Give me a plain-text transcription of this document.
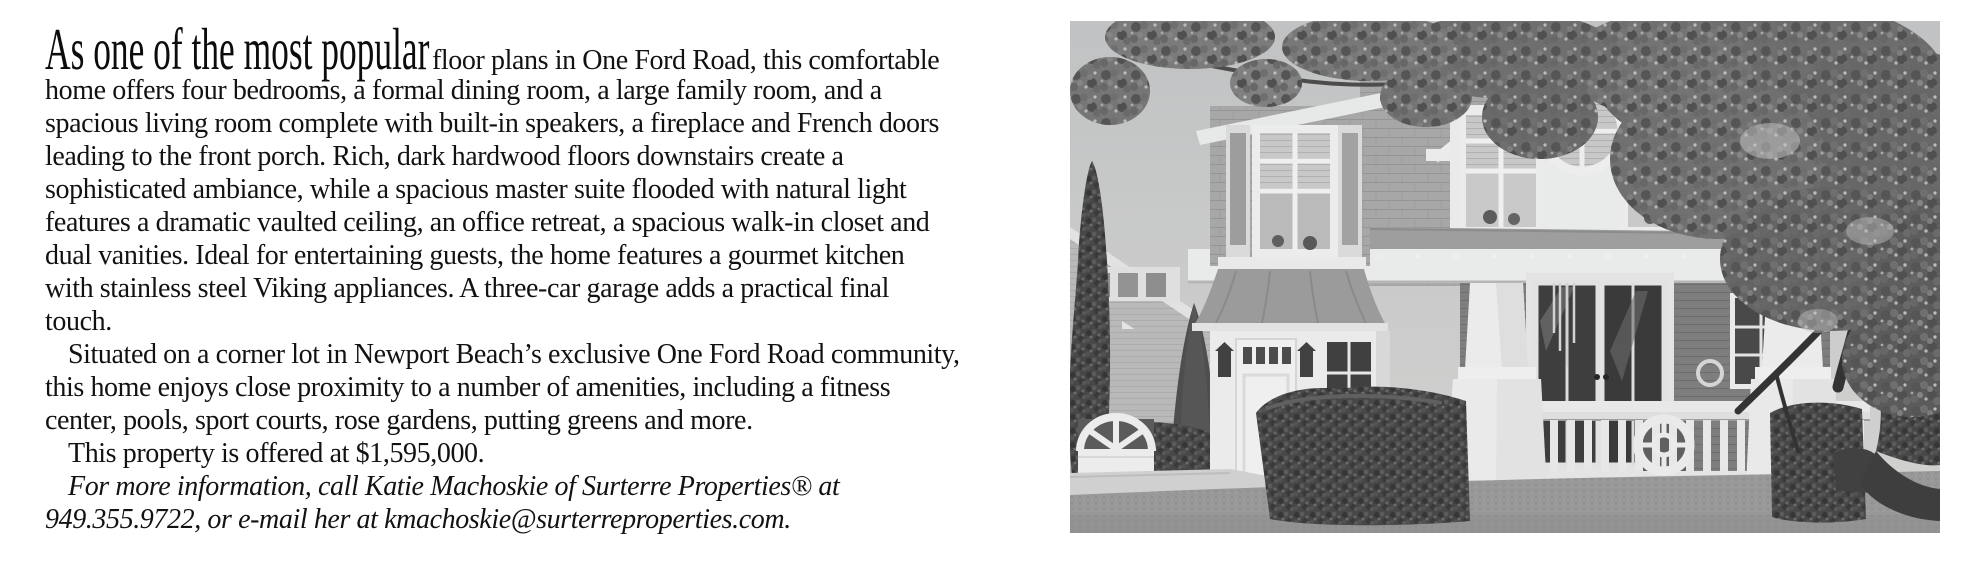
As one of the most popular floor plans in One Ford Road, this comfortable
home offers four bedrooms, a formal dining room, a large family room, and a
spacious living room complete with built-in speakers, a fireplace and French doors
leading to the front porch. Rich, dark hardwood floors downstairs create a
sophisticated ambiance, while a spacious master suite flooded with natural light
features a dramatic vaulted ceiling, an office retreat, a spacious walk-in closet and
dual vanities. Ideal for entertaining guests, the home features a gourmet kitchen
with stainless steel Viking appliances. A three-car garage adds a practical final
touch.
Situated on a corner lot in Newport Beach’s exclusive One Ford Road community,
this home enjoys close proximity to a number of amenities, including a fitness
center, pools, sport courts, rose gardens, putting greens and more.
This property is offered at $1,595,000.
For more information, call Katie Machoskie of Surterre Properties® at
949.355.9722, or e-mail her at kmachoskie@surterreproperties.com.
